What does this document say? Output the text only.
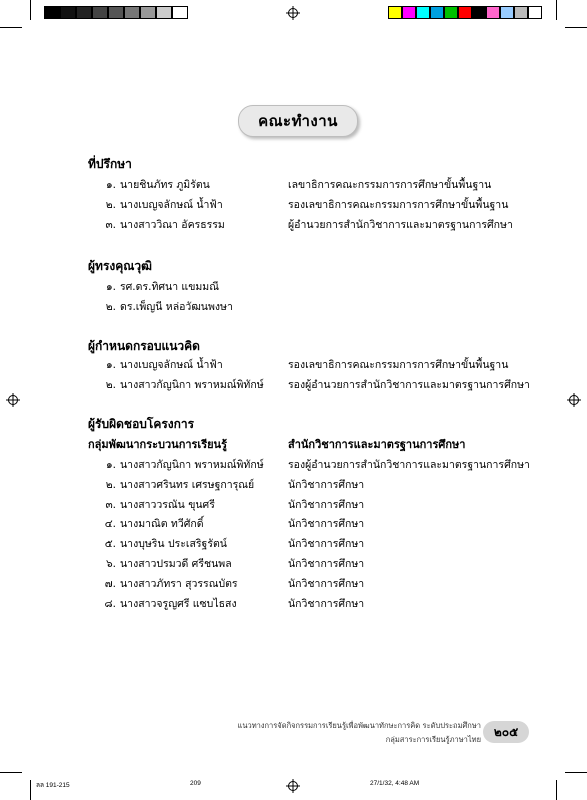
คณะทำงาน
ที่ปรึกษา
ผู้ทรงคุณวุฒิ
ผู้กำหนดกรอบแนวคิด
ผู้รับผิดชอบโครงการ
กลุ่มพัฒนากระบวนการเรียนรู้	สำนักวิชาการและมาตรฐานการศึกษา
แนวทางการจัดกิจกรรมการเรียนรู้เพื่อพัฒนาทักษะการคิด ระดับประถมศึกษา
กลุ่มสาระการเรียนรู้ภาษาไทย
๒๐๕
ลล 191-215	209	27/1/32, 4:48 AM
๑. นายชินภัทร ภูมิรัตน	เลขาธิการคณะกรรมการการศึกษาขั้นพื้นฐาน
๒. นางเบญจลักษณ์ น้ำฟ้า	รองเลขาธิการคณะกรรมการการศึกษาขั้นพื้นฐาน
๓. นางสาววิณา อัครธรรม	ผู้อำนวยการสำนักวิชาการและมาตรฐานการศึกษา
๑. รศ.ดร.ทิศนา แขมมณี
๒. ดร.เพ็ญนี หล่อวัฒนพงษา
๑. นางเบญจลักษณ์ น้ำฟ้า	รองเลขาธิการคณะกรรมการการศึกษาขั้นพื้นฐาน
๒. นางสาวกัญนิกา พราหมณ์พิทักษ์ รองผู้อำนวยการสำนักวิชาการและมาตรฐานการศึกษา
๑. นางสาวกัญนิกา พราหมณ์พิทักษ์ รองผู้อำนวยการสำนักวิชาการและมาตรฐานการศึกษา
๒. นางสาวศรินทร เศรษฐการุณย์	นักวิชาการศึกษา
๓. นางสาววรณัน ขุนศรี	นักวิชาการศึกษา
๔. นางมาณิต ทวีศักดิ์	นักวิชาการศึกษา
๕. นางบุษริน ประเสริฐรัตน์	นักวิชาการศึกษา
๖. นางสาวปรมวดี ศรีชนพล	นักวิชาการศึกษา
๗. นางสาวภัทรา สุวรรณบัตร	นักวิชาการศึกษา
๘. นางสาวจรูญศรี แซบไธสง	นักวิชาการศึกษา
